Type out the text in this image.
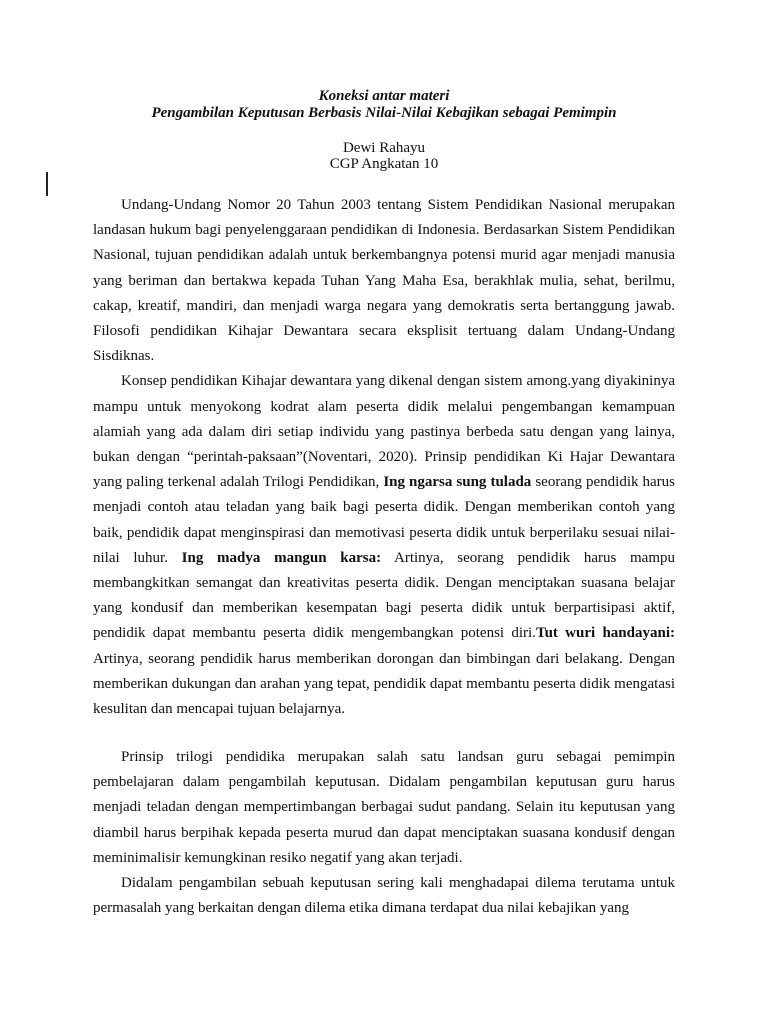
Koneksi antar materi
Pengambilan Keputusan Berbasis Nilai-Nilai Kebajikan sebagai Pemimpin
Dewi Rahayu
CGP Angkatan 10

Undang-Undang Nomor 20 Tahun 2003 tentang Sistem Pendidikan Nasional merupakan landasan hukum bagi penyelenggaraan pendidikan di Indonesia. Berdasarkan Sistem Pendidikan Nasional, tujuan pendidikan adalah untuk berkembangnya potensi murid agar menjadi manusia yang beriman dan bertakwa kepada Tuhan Yang Maha Esa, berakhlak mulia, sehat, berilmu, cakap, kreatif, mandiri, dan menjadi warga negara yang demokratis serta bertanggung jawab. Filosofi pendidikan Kihajar Dewantara secara eksplisit tertuang dalam Undang-Undang Sisdiknas.

Konsep pendidikan Kihajar dewantara yang dikenal dengan sistem among.yang diyakininya mampu untuk menyokong kodrat alam peserta didik melalui pengembangan kemampuan alamiah yang ada dalam diri setiap individu yang pastinya berbeda satu dengan yang lainya, bukan dengan “perintah-paksaan”(Noventari, 2020). Prinsip pendidikan Ki Hajar Dewantara yang paling terkenal adalah Trilogi Pendidikan, Ing ngarsa sung tulada seorang pendidik harus menjadi contoh atau teladan yang baik bagi peserta didik. Dengan memberikan contoh yang baik, pendidik dapat menginspirasi dan memotivasi peserta didik untuk berperilaku sesuai nilai-nilai luhur. Ing madya mangun karsa: Artinya, seorang pendidik harus mampu membangkitkan semangat dan kreativitas peserta didik. Dengan menciptakan suasana belajar yang kondusif dan memberikan kesempatan bagi peserta didik untuk berpartisipasi aktif, pendidik dapat membantu peserta didik mengembangkan potensi diri.Tut wuri handayani: Artinya, seorang pendidik harus memberikan dorongan dan bimbingan dari belakang. Dengan memberikan dukungan dan arahan yang tepat, pendidik dapat membantu peserta didik mengatasi kesulitan dan mencapai tujuan belajarnya.

Prinsip trilogi pendidika merupakan salah satu landsan guru sebagai pemimpin pembelajaran dalam pengambilah keputusan. Didalam pengambilan keputusan guru harus menjadi teladan dengan mempertimbangan berbagai sudut pandang. Selain itu keputusan yang diambil harus berpihak kepada peserta murud dan dapat menciptakan suasana kondusif dengan meminimalisir kemungkinan resiko negatif yang akan terjadi.

Didalam pengambilan sebuah keputusan sering kali menghadapai dilema terutama untuk permasalah yang berkaitan dengan dilema etika dimana terdapat dua nilai kebajikan yang
